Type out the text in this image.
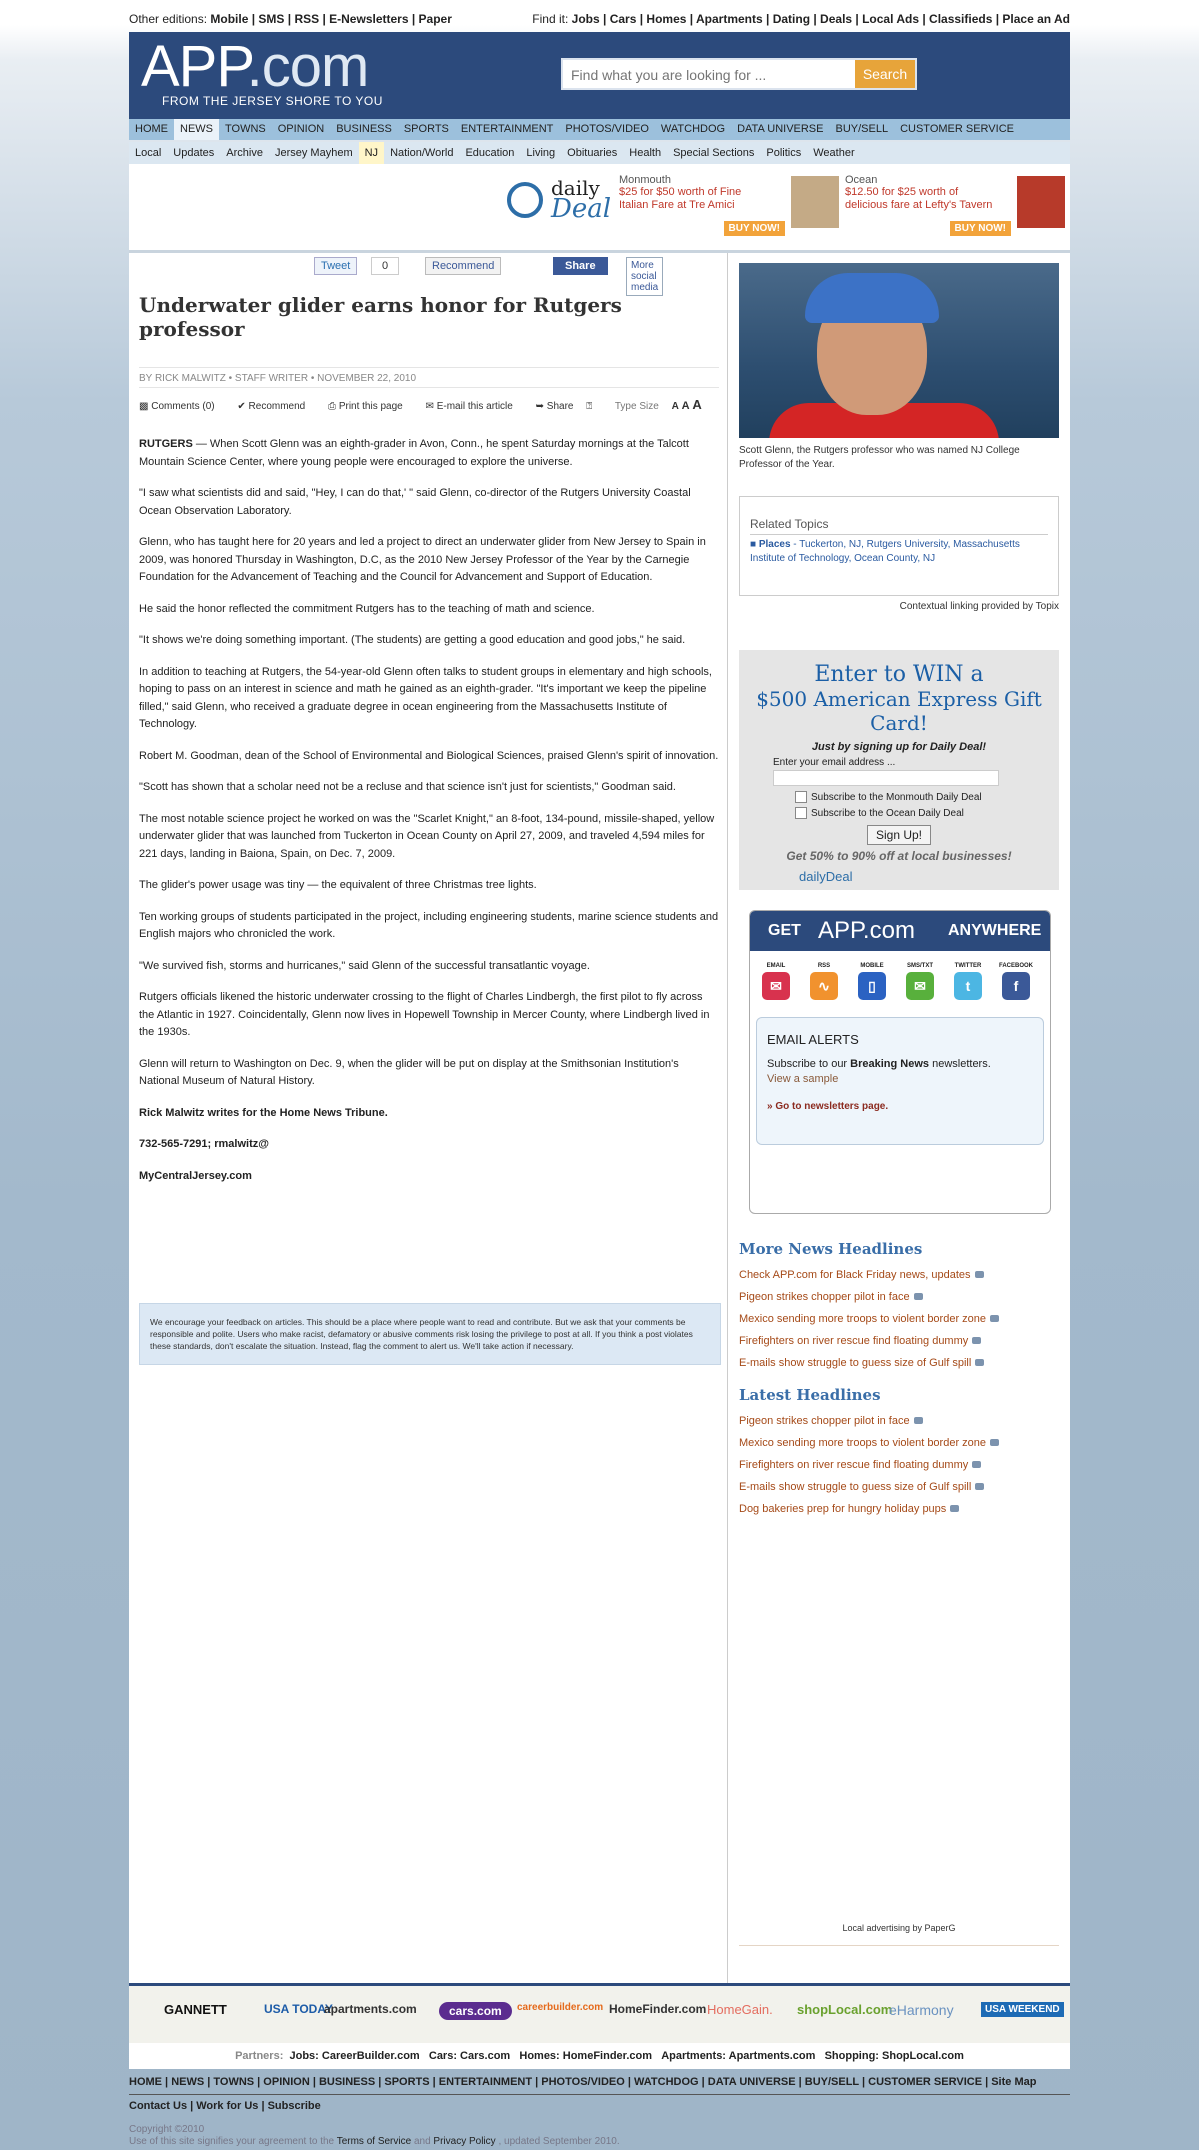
Other editions: Mobile | SMS | RSS | E-Newsletters | Paper	Find it: Jobs | Cars | Homes | Apartments | Dating | Deals | Local Ads | Classifieds | Place an Ad
APP.com
FROM THE JERSEY SHORE TO YOU
Find what you are looking for ...
Search
HOME NEWS TOWNS OPINION BUSINESS SPORTS ENTERTAINMENT PHOTOS/VIDEO WATCHDOG DATA UNIVERSE BUY/SELL CUSTOMER SERVICE
Local Updates Archive Jersey Mayhem NJ Nation/World Education Living Obituaries Health Special Sections Politics Weather
daily
Deal
Monmouth
$25 for $50 worth of Fine Italian Fare at Tre Amici
BUY NOW!
Ocean
$12.50 for $25 worth of delicious fare at Lefty's Tavern
BUY NOW!
Tweet	0	Recommend	Share	More social media
Underwater glider earns honor for Rutgers professor
BY RICK MALWITZ • STAFF WRITER • NOVEMBER 22, 2010
▩ Comments (0) ✔ Recommend ⎙ Print this page ✉ E-mail this article ➥ Share ⍰ Type Size A A A

RUTGERS — When Scott Glenn was an eighth-grader in Avon, Conn., he spent Saturday mornings at the Talcott Mountain Science Center, where young people were encouraged to explore the universe.

"I saw what scientists did and said, "Hey, I can do that,' " said Glenn, co-director of the Rutgers University Coastal Ocean Observation Laboratory.

Glenn, who has taught here for 20 years and led a project to direct an underwater glider from New Jersey to Spain in 2009, was honored Thursday in Washington, D.C, as the 2010 New Jersey Professor of the Year by the Carnegie Foundation for the Advancement of Teaching and the Council for Advancement and Support of Education.

He said the honor reflected the commitment Rutgers has to the teaching of math and science.

"It shows we're doing something important. (The students) are getting a good education and good jobs," he said.

In addition to teaching at Rutgers, the 54-year-old Glenn often talks to student groups in elementary and high schools, hoping to pass on an interest in science and math he gained as an eighth-grader. "It's important we keep the pipeline filled," said Glenn, who received a graduate degree in ocean engineering from the Massachusetts Institute of Technology.

Robert M. Goodman, dean of the School of Environmental and Biological Sciences, praised Glenn's spirit of innovation.

"Scott has shown that a scholar need not be a recluse and that science isn't just for scientists," Goodman said.

The most notable science project he worked on was the "Scarlet Knight," an 8-foot, 134-pound, missile-shaped, yellow underwater glider that was launched from Tuckerton in Ocean County on April 27, 2009, and traveled 4,594 miles for 221 days, landing in Baiona, Spain, on Dec. 7, 2009.

The glider's power usage was tiny — the equivalent of three Christmas tree lights.

Ten working groups of students participated in the project, including engineering students, marine science students and English majors who chronicled the work.

"We survived fish, storms and hurricanes," said Glenn of the successful transatlantic voyage.

Rutgers officials likened the historic underwater crossing to the flight of Charles Lindbergh, the first pilot to fly across the Atlantic in 1927. Coincidentally, Glenn now lives in Hopewell Township in Mercer County, where Lindbergh lived in the 1930s.

Glenn will return to Washington on Dec. 9, when the glider will be put on display at the Smithsonian Institution's National Museum of Natural History.

Rick Malwitz writes for the Home News Tribune.

732-565-7291; rmalwitz@

MyCentralJersey.com

We encourage your feedback on articles. This should be a place where people want to read and contribute. But we ask that your comments be responsible and polite. Users who make racist, defamatory or abusive comments risk losing the privilege to post at all. If you think a post violates these standards, don't escalate the situation. Instead, flag the comment to alert us. We'll take action if necessary.
Scott Glenn, the Rutgers professor who was named NJ College Professor of the Year.
Related Topics

■ Places - Tuckerton, NJ, Rutgers University, Massachusetts Institute of Technology, Ocean County, NJ

Contextual linking provided by Topix
Enter to WIN a
$500 American Express Gift Card!
Just by signing up for Daily Deal!
Enter your email address ...
Subscribe to the Monmouth Daily Deal
Subscribe to the Ocean Daily Deal
Sign Up!
Get 50% to 90% off at local businesses!
dailyDeal
GET APP.com ANYWHERE
EMAIL
✉
RSS
∿
MOBILE
▯
SMS/TXT
✉
TWITTER
t
FACEBOOK
f
EMAIL ALERTS

Subscribe to our Breaking News newsletters.

View a sample

» Go to newsletters page.

More News Headlines
Check APP.com for Black Friday news, updates
Pigeon strikes chopper pilot in face
Mexico sending more troops to violent border zone
Firefighters on river rescue find floating dummy
E-mails show struggle to guess size of Gulf spill
Latest Headlines
Pigeon strikes chopper pilot in face
Mexico sending more troops to violent border zone
Firefighters on river rescue find floating dummy
E-mails show struggle to guess size of Gulf spill
Dog bakeries prep for hungry holiday pups
Local advertising by PaperG
GANNETT	USA TODAY
apartments.com	cars.com	careerbuilder.com HomeFinder.com HomeGain. shopLocal.com
eHarmony	USA WEEKEND
Partners: Jobs: CareerBuilder.com Cars: Cars.com Homes: HomeFinder.com Apartments: Apartments.com Shopping: ShopLocal.com
HOME | NEWS | TOWNS | OPINION | BUSINESS | SPORTS | ENTERTAINMENT | PHOTOS/VIDEO | WATCHDOG | DATA UNIVERSE | BUY/SELL | CUSTOMER SERVICE | Site Map
Contact Us | Work for Us | Subscribe
Copyright ©2010
Use of this site signifies your agreement to the Terms of Service and Privacy Policy , updated September 2010.
